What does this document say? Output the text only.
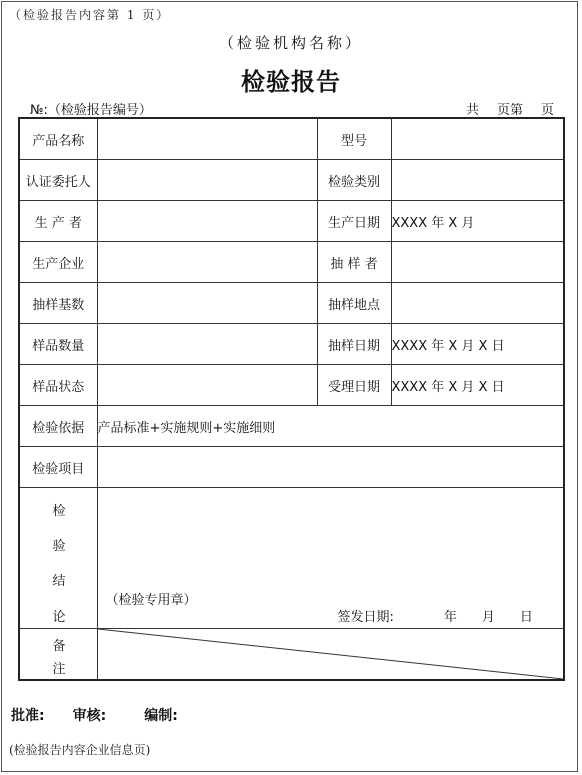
（检验报告内容第 1 页）
（检验机构名称）
检验报告
№:（检验报告编号）	共 页第 页
产品名称		型号	
认证委托人		检验类别	
生 产 者		生产日期	XXXX 年 X 月
生产企业		抽 样 者	
抽样基数		抽样地点	
样品数量		抽样日期	XXXX 年 X 月 X 日
样品状态		受理日期	XXXX 年 X 月 X 日
检验依据	产品标准+实施规则+实施细则		
检验项目			

检
验
结
论	（检验专用章）
签发日期: 年 月 日		

备
注

批准: 审核:	编制:
(检验报告内容企业信息页)
